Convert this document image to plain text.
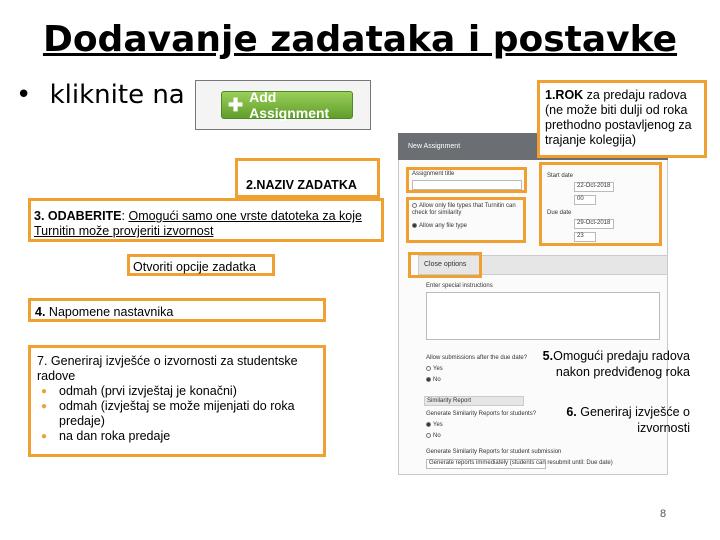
Dodavanje zadataka i postavke
• kliknite na ✚ Add Assignment
New Assignment
Assignment title	Start date
22-Oct-2018
00
Due date
29-Oct-2018
23
Allow only file types that Turnitin can check for similarity
Allow any file type
Close options
Enter special instructions
Allow submissions after the due date?
Yes
No
Similarity Report
Generate Similarity Reports for students?
Yes
No
Generate Similarity Reports for student submission
Generate reports immediately (students can resubmit until: Due date)
1.ROK za predaju radova (ne može biti dulji od roka prethodno postavljenog za trajanje kolegija)
2.NAZIV ZADATKA
3. ODABERITE: Omogući samo one vrste datoteka za koje Turnitin može provjeriti izvornost
Otvoriti opcije zadatka
4. Napomene nastavnika
5.Omogući predaju radova nakon predviđenog roka
6. Generiraj izvješće o izvornosti
7. Generiraj izvješće o izvornosti za studentske radove
● odmah (prvi izvještaj je konačni)
● odmah (izvještaj se može mijenjati do roka predaje)
● na dan roka predaje
8
